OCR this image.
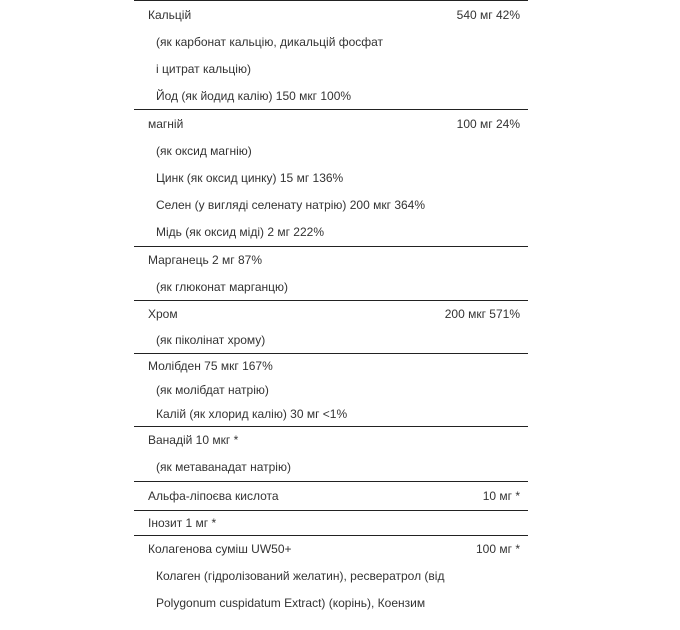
Кальцій	540 мг 42%
(як карбонат кальцію, дикальцій фосфат
і цитрат кальцію)
Йод (як йодид калію) 150 мкг 100%
магній	100 мг 24%
(як оксид магнію)
Цинк (як оксид цинку) 15 мг 136%
Селен (у вигляді селенату натрію) 200 мкг 364%
Мідь (як оксид міді) 2 мг 222%
Марганець 2 мг 87%
(як глюконат марганцю)
Хром	200 мкг 571%
(як піколінат хрому)
Молібден 75 мкг 167%
(як молібдат натрію)
Калій (як хлорид калію) 30 мг <1%
Ванадій 10 мкг *
(як метаванадат натрію)
Альфа-ліпоєва кислота	10 мг *
Інозит 1 мг *
Колагенова суміш UW50+	100 мг *
Колаген (гідролізований желатин), ресвератрол (від
Polygonum cuspidatum Extract) (корінь), Коензим
